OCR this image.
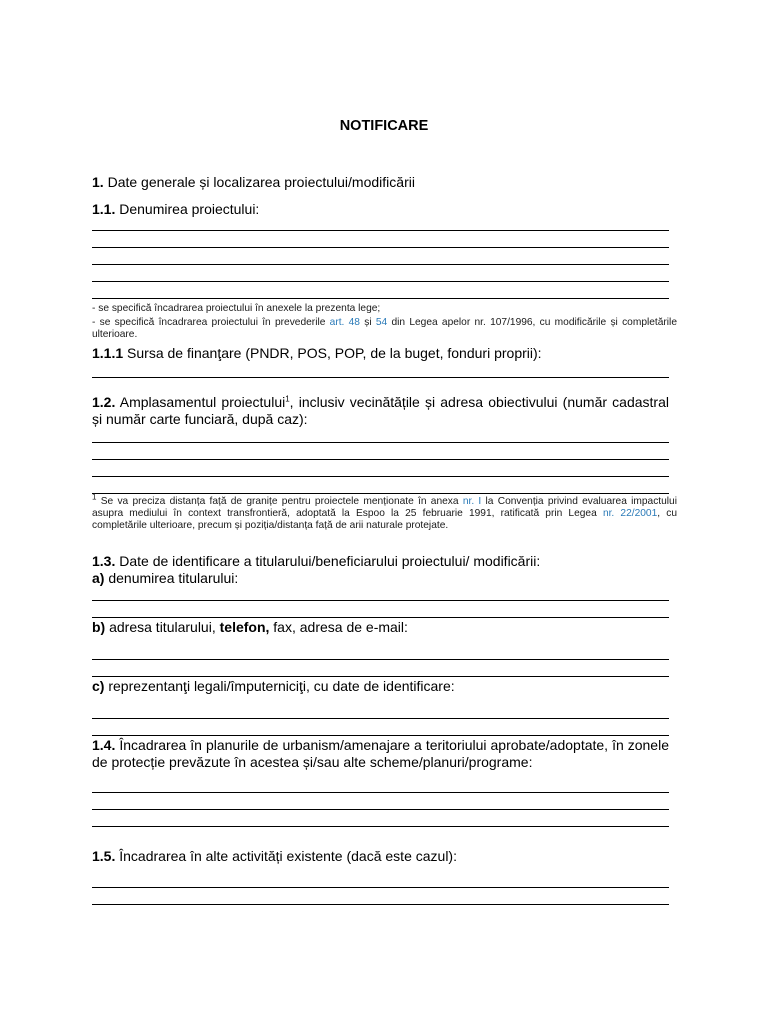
NOTIFICARE
1. Date generale și localizarea proiectului/modificării
1.1. Denumirea proiectului:
- se specifică încadrarea proiectului în anexele la prezenta lege;
- se specifică încadrarea proiectului în prevederile art. 48 și 54 din Legea apelor nr. 107/1996, cu modificările și completările ulterioare.
1.1.1 Sursa de finanţare (PNDR, POS, POP, de la buget, fonduri proprii):
1.2. Amplasamentul proiectului$^1$, inclusiv vecinătățile și adresa obiectivului (număr cadastral și număr carte funciară, după caz):
$^1$ Se va preciza distanța față de granițe pentru proiectele menționate în anexa nr. I la Convenția privind evaluarea impactului asupra mediului în context transfrontieră, adoptată la Espoo la 25 februarie 1991, ratificată prin Legea nr. 22/2001, cu completările ulterioare, precum și poziția/distanța față de arii naturale protejate.
1.3. Date de identificare a titularului/beneficiarului proiectului/ modificării:
a) denumirea titularului:
b) adresa titularului, telefon, fax, adresa de e-mail:
c) reprezentanţi legali/împuterniciţi, cu date de identificare:
1.4. Încadrarea în planurile de urbanism/amenajare a teritoriului aprobate/adoptate, în zonele de protecție prevăzute în acestea și/sau alte scheme/planuri/programe:
1.5. Încadrarea în alte activități existente (dacă este cazul):
